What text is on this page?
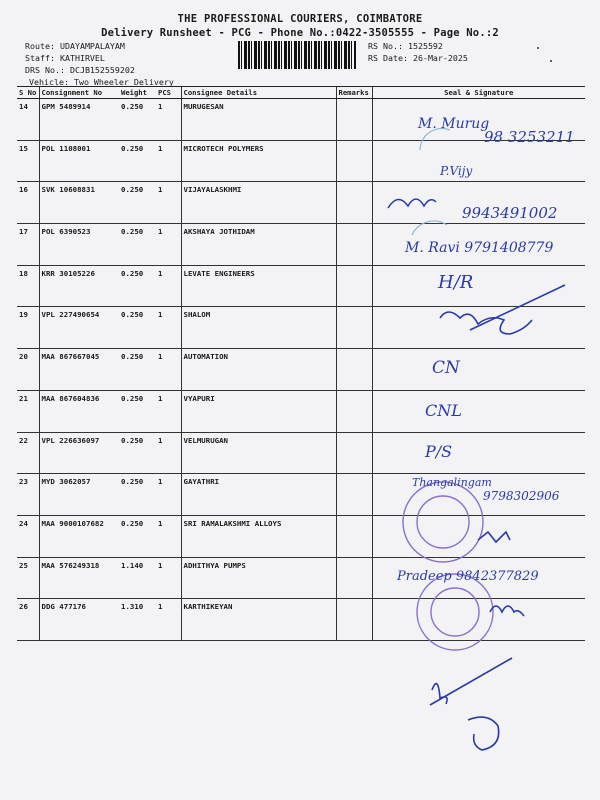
THE PROFESSIONAL COURIERS, COIMBATORE
Delivery Runsheet - PCG - Phone No.:0422-3505555 - Page No.:2
Route: UDAYAMPALAYAM
Staff: KATHIRVEL
DRS No.: DCJB152559202
Vehicle: Two Wheeler Delivery
RS No.: 1525592
RS Date: 26-Mar-2025
S No	Consignment No	Weight	PCS	Consignee Details	Remarks	Seal & Signature
14	GPM 5489914	0.250	1	MURUGESAN		
15	POL 1108001	0.250	1	MICROTECH POLYMERS		
16	SVK 10608831	0.250	1	VIJAYALASKHMI		
17	POL 6390523	0.250	1	AKSHAYA JOTHIDAM		
18	KRR 30105226	0.250	1	LEVATE ENGINEERS		
19	VPL 227490654	0.250	1	SHALOM		
20	MAA 867667045	0.250	1	AUTOMATION		
21	MAA 867604836	0.250	1	VYAPURI		
22	VPL 226636097	0.250	1	VELMURUGAN		
23	MYD 3062057	0.250	1	GAYATHRI		
24	MAA 9000107682	0.250	1	SRI RAMALAKSHMI ALLOYS		
25	MAA 576249318	1.140	1	ADHITHYA PUMPS		
26	DDG 477176	1.310	1	KARTHIKEYAN		
M. Murug
98 3253211
P.Vijy
9943491002
M. Ravi 9791408779
H/R
CN
CNL
P/S
Thangalingam
9798302906
Pradeep 9842377829
